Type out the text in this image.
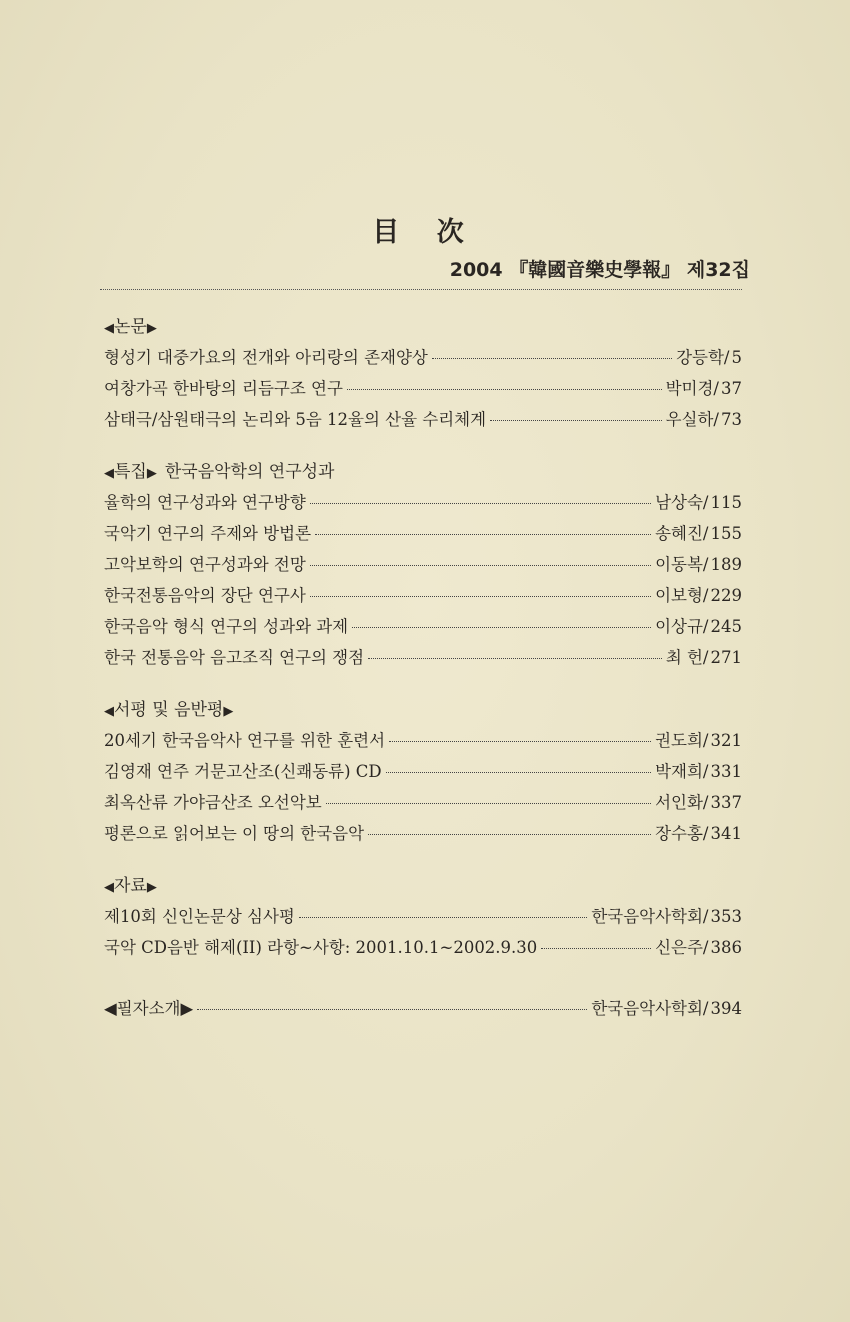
目 次
2004 『韓國音樂史學報』 제32집
◀논문▶
형성기 대중가요의 전개와 아리랑의 존재양상	강등학/ 5
여창가곡 한바탕의 리듬구조 연구	박미경/ 37
삼태극/삼원태극의 논리와 5음 12율의 산율 수리체계	우실하/ 73
◀특집▶ 한국음악학의 연구성과
율학의 연구성과와 연구방향	남상숙/ 115
국악기 연구의 주제와 방법론	송혜진/ 155
고악보학의 연구성과와 전망	이동복/ 189
한국전통음악의 장단 연구사	이보형/ 229
한국음악 형식 연구의 성과와 과제	이상규/ 245
한국 전통음악 음고조직 연구의 쟁점	최 헌/ 271
◀서평 및 음반평▶
20세기 한국음악사 연구를 위한 훈련서	권도희/ 321
김영재 연주 거문고산조(신쾌동류) CD	박재희/ 331
최옥산류 가야금산조 오선악보	서인화/ 337
평론으로 읽어보는 이 땅의 한국음악	장수홍/ 341
◀자료▶
제10회 신인논문상 심사평	한국음악사학회/ 353
국악 CD음반 해제(II) 라항~사항: 2001.10.1~2002.9.30	신은주/ 386
◀필자소개▶	한국음악사학회/ 394
